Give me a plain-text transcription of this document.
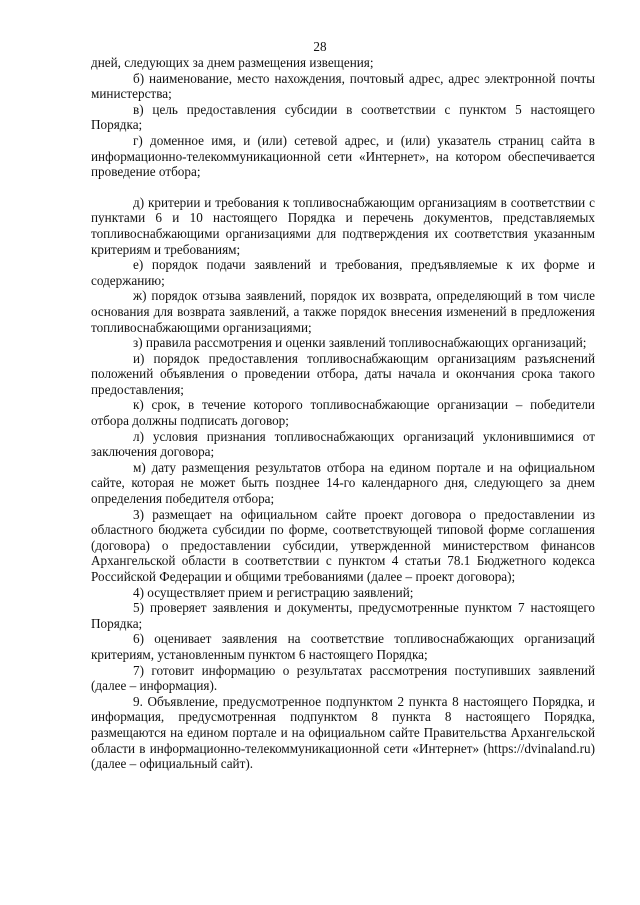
28

дней, следующих за днем размещения извещения;

б) наименование, место нахождения, почтовый адрес, адрес электронной почты министерства;

в) цель предоставления субсидии в соответствии с пунктом 5 настоящего Порядка;

г) доменное имя, и (или) сетевой адрес, и (или) указатель страниц сайта в информационно-телекоммуникационной сети «Интернет», на котором обеспечивается проведение отбора;

д) критерии и требования к топливоснабжающим организациям в соответствии с пунктами 6 и 10 настоящего Порядка и перечень документов, представляемых топливоснабжающими организациями для подтверждения их соответствия указанным критериям и требованиям;

е) порядок подачи заявлений и требования, предъявляемые к их форме и содержанию;

ж) порядок отзыва заявлений, порядок их возврата, определяющий в том числе основания для возврата заявлений, а также порядок внесения изменений в предложения топливоснабжающими организациями;

з) правила рассмотрения и оценки заявлений топливоснабжающих организаций;

и) порядок предоставления топливоснабжающим организациям разъяснений положений объявления о проведении отбора, даты начала и окончания срока такого предоставления;

к) срок, в течение которого топливоснабжающие организации – победители отбора должны подписать договор;

л) условия признания топливоснабжающих организаций уклонившимися от заключения договора;

м) дату размещения результатов отбора на едином портале и на официальном сайте, которая не может быть позднее 14-го календарного дня, следующего за днем определения победителя отбора;

3) размещает на официальном сайте проект договора о предоставлении из областного бюджета субсидии по форме, соответствующей типовой форме соглашения (договора) о предоставлении субсидии, утвержденной министерством финансов Архангельской области в соответствии с пунктом 4 статьи 78.1 Бюджетного кодекса Российской Федерации и общими требованиями (далее – проект договора);

4) осуществляет прием и регистрацию заявлений;

5) проверяет заявления и документы, предусмотренные пунктом 7 настоящего Порядка;

6) оценивает заявления на соответствие топливоснабжающих организаций критериям, установленным пунктом 6 настоящего Порядка;

7) готовит информацию о результатах рассмотрения поступивших заявлений (далее – информация).

9. Объявление, предусмотренное подпунктом 2 пункта 8 настоящего Порядка, и информация, предусмотренная подпунктом 8 пункта 8 настоящего Порядка, размещаются на едином портале и на официальном сайте Правительства Архангельской области в информационно-телекоммуникационной сети «Интернет» (https://dvinaland.ru) (далее – официальный сайт).
